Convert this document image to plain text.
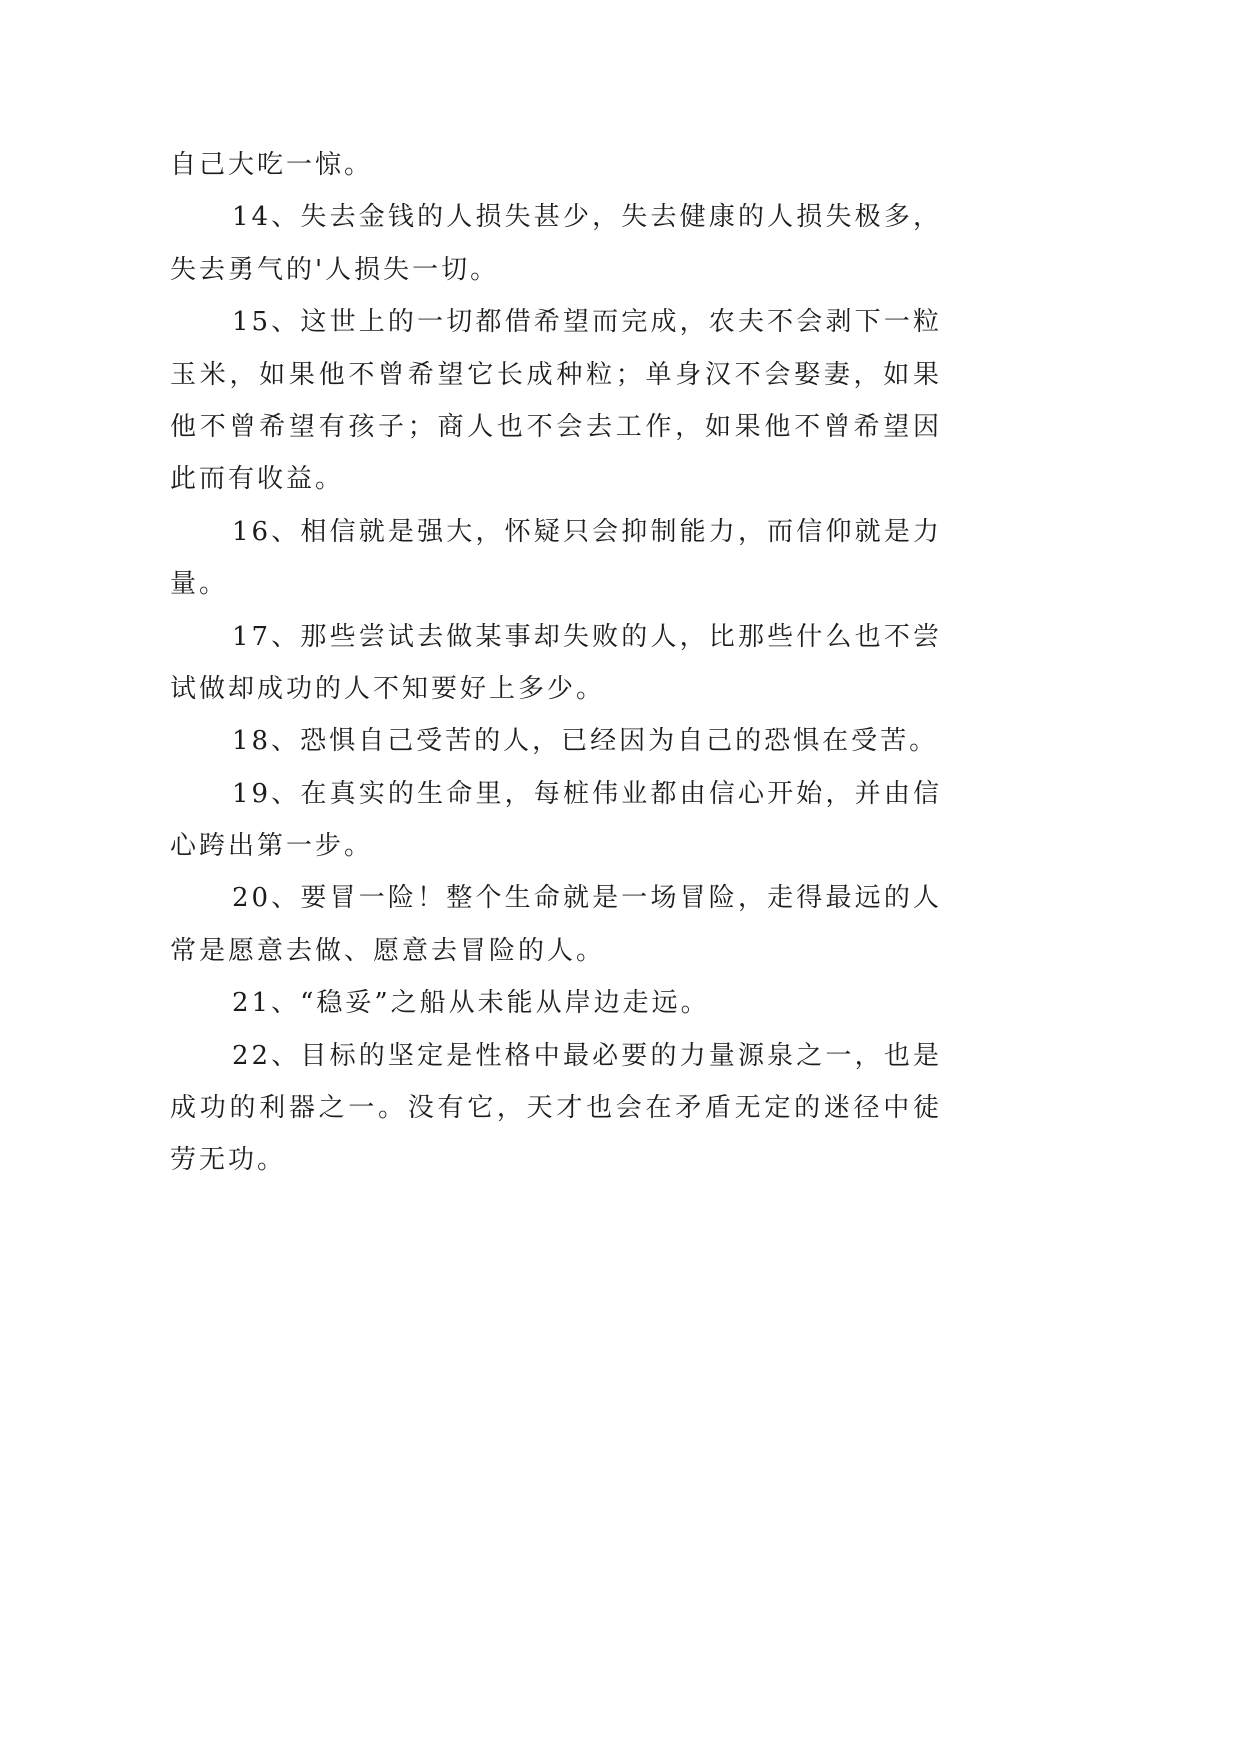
自己大吃一惊。
14、失去金钱的人损失甚少，失去健康的人损失极多，
失去勇气的'人损失一切。
15、这世上的一切都借希望而完成，农夫不会剥下一粒
玉米，如果他不曾希望它长成种粒；单身汉不会娶妻，如果
他不曾希望有孩子；商人也不会去工作，如果他不曾希望因
此而有收益。
16、相信就是强大，怀疑只会抑制能力，而信仰就是力
量。
17、那些尝试去做某事却失败的人，比那些什么也不尝
试做却成功的人不知要好上多少。
18、恐惧自己受苦的人，已经因为自己的恐惧在受苦。
19、在真实的生命里，每桩伟业都由信心开始，并由信
心跨出第一步。
20、要冒一险！整个生命就是一场冒险，走得最远的人
常是愿意去做、愿意去冒险的人。
21、“稳妥”之船从未能从岸边走远。
22、目标的坚定是性格中最必要的力量源泉之一，也是
成功的利器之一。没有它，天才也会在矛盾无定的迷径中徒
劳无功。
